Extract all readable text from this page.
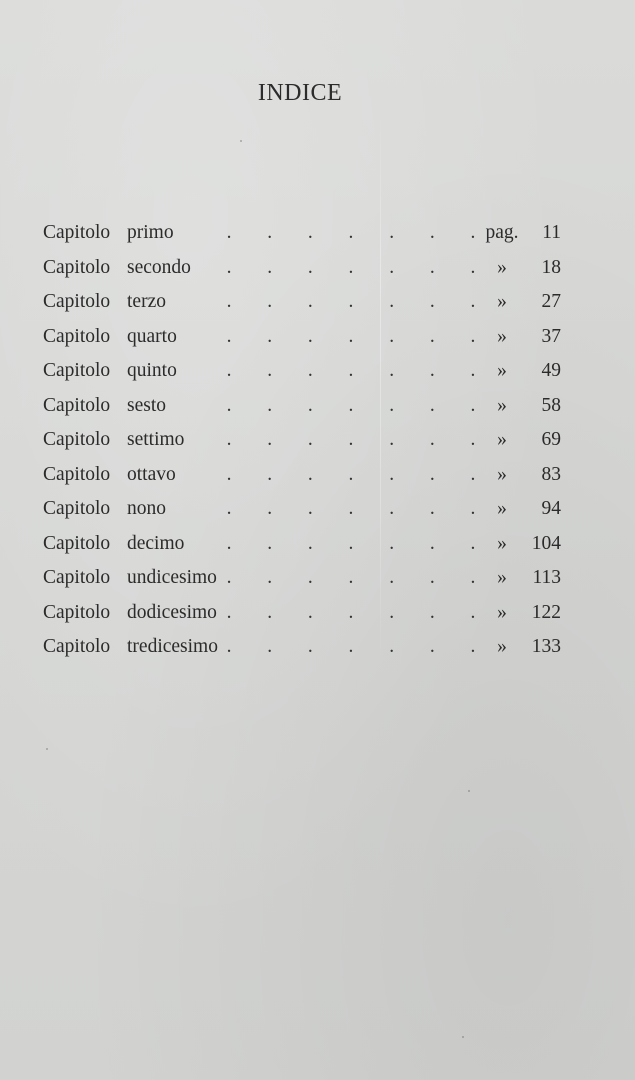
INDICE
Capitolo primo	. . . . . . . pag. 11
Capitolo secondo . . . . . . .	»	18
Capitolo terzo	. . . . . . .	»	27
Capitolo quarto	. . . . . . .	»	37
Capitolo quinto	. . . . . . .	»	49
Capitolo sesto	. . . . . . .	»	58
Capitolo settimo . . . . . . .	»	69
Capitolo ottavo	. . . . . . .	»	83
Capitolo nono	. . . . . . .	»	94
Capitolo decimo . . . . . . .	»	104
Capitolo undicesimo . . . . . . .	»	113
Capitolo dodicesimo . . . . . . .	»	122
Capitolo tredicesimo . . . . . . .	»	133
